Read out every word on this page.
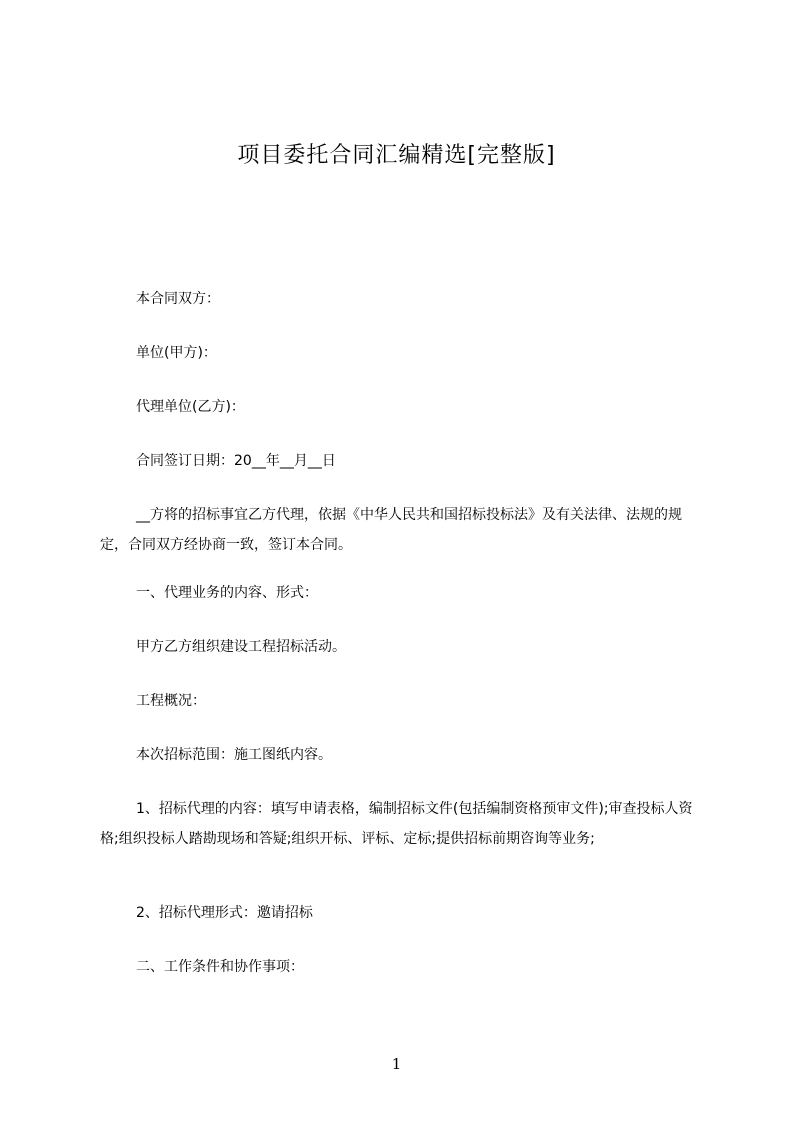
项目委托合同汇编精选[完整版]
本合同双方：
单位(甲方)：
代理单位(乙方)：
合同签订日期：20__年__月__日
__方将的招标事宜乙方代理，依据《中华人民共和国招标投标法》及有关法律、法规的规定，合同双方经协商一致，签订本合同。
一、代理业务的内容、形式：
甲方乙方组织建设工程招标活动。
工程概况：
本次招标范围：施工图纸内容。
1、招标代理的内容：填写申请表格，编制招标文件(包括编制资格预审文件);审查投标人资格;组织投标人踏勘现场和答疑;组织开标、评标、定标;提供招标前期咨询等业务;
2、招标代理形式：邀请招标
二、工作条件和协作事项：
1
